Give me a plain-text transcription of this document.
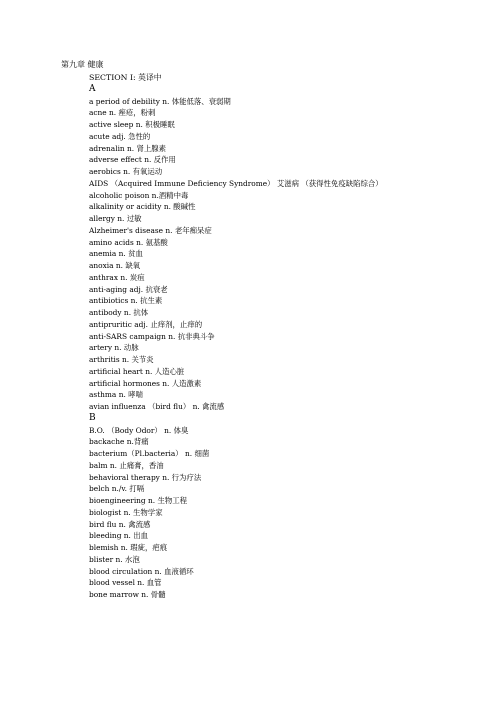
第九章 健康
SECTION I: 英译中
A
a period of debility n. 体能低落、衰弱期
acne n. 痤疮，粉刺
active sleep n. 积极睡眠
acute adj. 急性的
adrenalin n. 肾上腺素
adverse effect n. 反作用
aerobics n. 有氧运动
AIDS （Acquired Immune Deficiency Syndrome） 艾滋病 （获得性免疫缺陷综合）
alcoholic poison n.酒精中毒
alkalinity or acidity n. 酸碱性
allergy n. 过敏
Alzheimer's disease n. 老年痴呆症
amino acids n. 氨基酸
anemia n. 贫血
anoxia n. 缺氧
anthrax n. 炭疽
anti-aging adj. 抗衰老
antibiotics n. 抗生素
antibody n. 抗体
antipruritic adj. 止痒剂，止痒的
anti-SARS campaign n. 抗非典斗争
artery n. 动脉
arthritis n. 关节炎
artificial heart n. 人造心脏
artificial hormones n. 人造激素
asthma n. 哮喘
avian influenza （bird flu） n. 禽流感
B
B.O. （Body Odor） n. 体臭
backache n.背痛
bacterium（Pl.bacteria） n. 细菌
balm n. 止痛膏，香油
behavioral therapy n. 行为疗法
belch n./v. 打嗝
bioengineering n. 生物工程
biologist n. 生物学家
bird flu n. 禽流感
bleeding n. 出血
blemish n. 瑕疵，疤痕
blister n. 水泡
blood circulation n. 血液循环
blood vessel n. 血管
bone marrow n. 骨髓
